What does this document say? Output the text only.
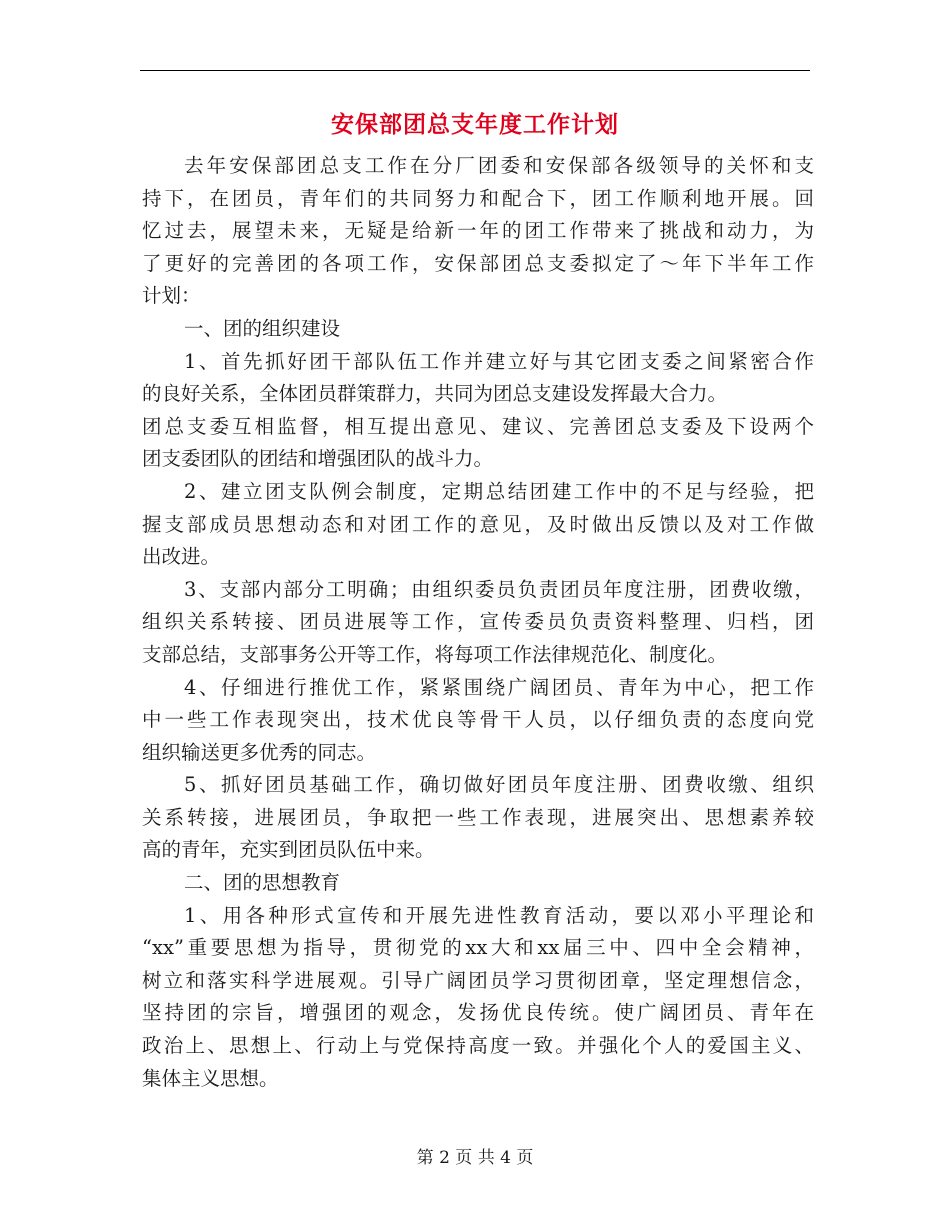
安保部团总支年度工作计划
去年安保部团总支工作在分厂团委和安保部各级领导的关怀和支
持下，在团员，青年们的共同努力和配合下，团工作顺利地开展。回
忆过去，展望未来，无疑是给新一年的团工作带来了挑战和动力，为
了更好的完善团的各项工作，安保部团总支委拟定了～年下半年工作
计划：
一、团的组织建设
1、首先抓好团干部队伍工作并建立好与其它团支委之间紧密合作
的良好关系，全体团员群策群力，共同为团总支建设发挥最大合力。
团总支委互相监督，相互提出意见、建议、完善团总支委及下设两个
团支委团队的团结和增强团队的战斗力。
2、建立团支队例会制度，定期总结团建工作中的不足与经验，把
握支部成员思想动态和对团工作的意见，及时做出反馈以及对工作做
出改进。
3、支部内部分工明确；由组织委员负责团员年度注册，团费收缴，
组织关系转接、团员进展等工作，宣传委员负责资料整理、归档，团
支部总结，支部事务公开等工作，将每项工作法律规范化、制度化。
4、仔细进行推优工作，紧紧围绕广阔团员、青年为中心，把工作
中一些工作表现突出，技术优良等骨干人员，以仔细负责的态度向党
组织输送更多优秀的同志。
5、抓好团员基础工作，确切做好团员年度注册、团费收缴、组织
关系转接，进展团员，争取把一些工作表现，进展突出、思想素养较
高的青年，充实到团员队伍中来。
二、团的思想教育
1、用各种形式宣传和开展先进性教育活动，要以邓小平理论和
“xx”重要思想为指导，贯彻党的xx大和xx届三中、四中全会精神，
树立和落实科学进展观。引导广阔团员学习贯彻团章，坚定理想信念，
坚持团的宗旨，增强团的观念，发扬优良传统。使广阔团员、青年在
政治上、思想上、行动上与党保持高度一致。并强化个人的爱国主义、
集体主义思想。
第 2 页 共 4 页
